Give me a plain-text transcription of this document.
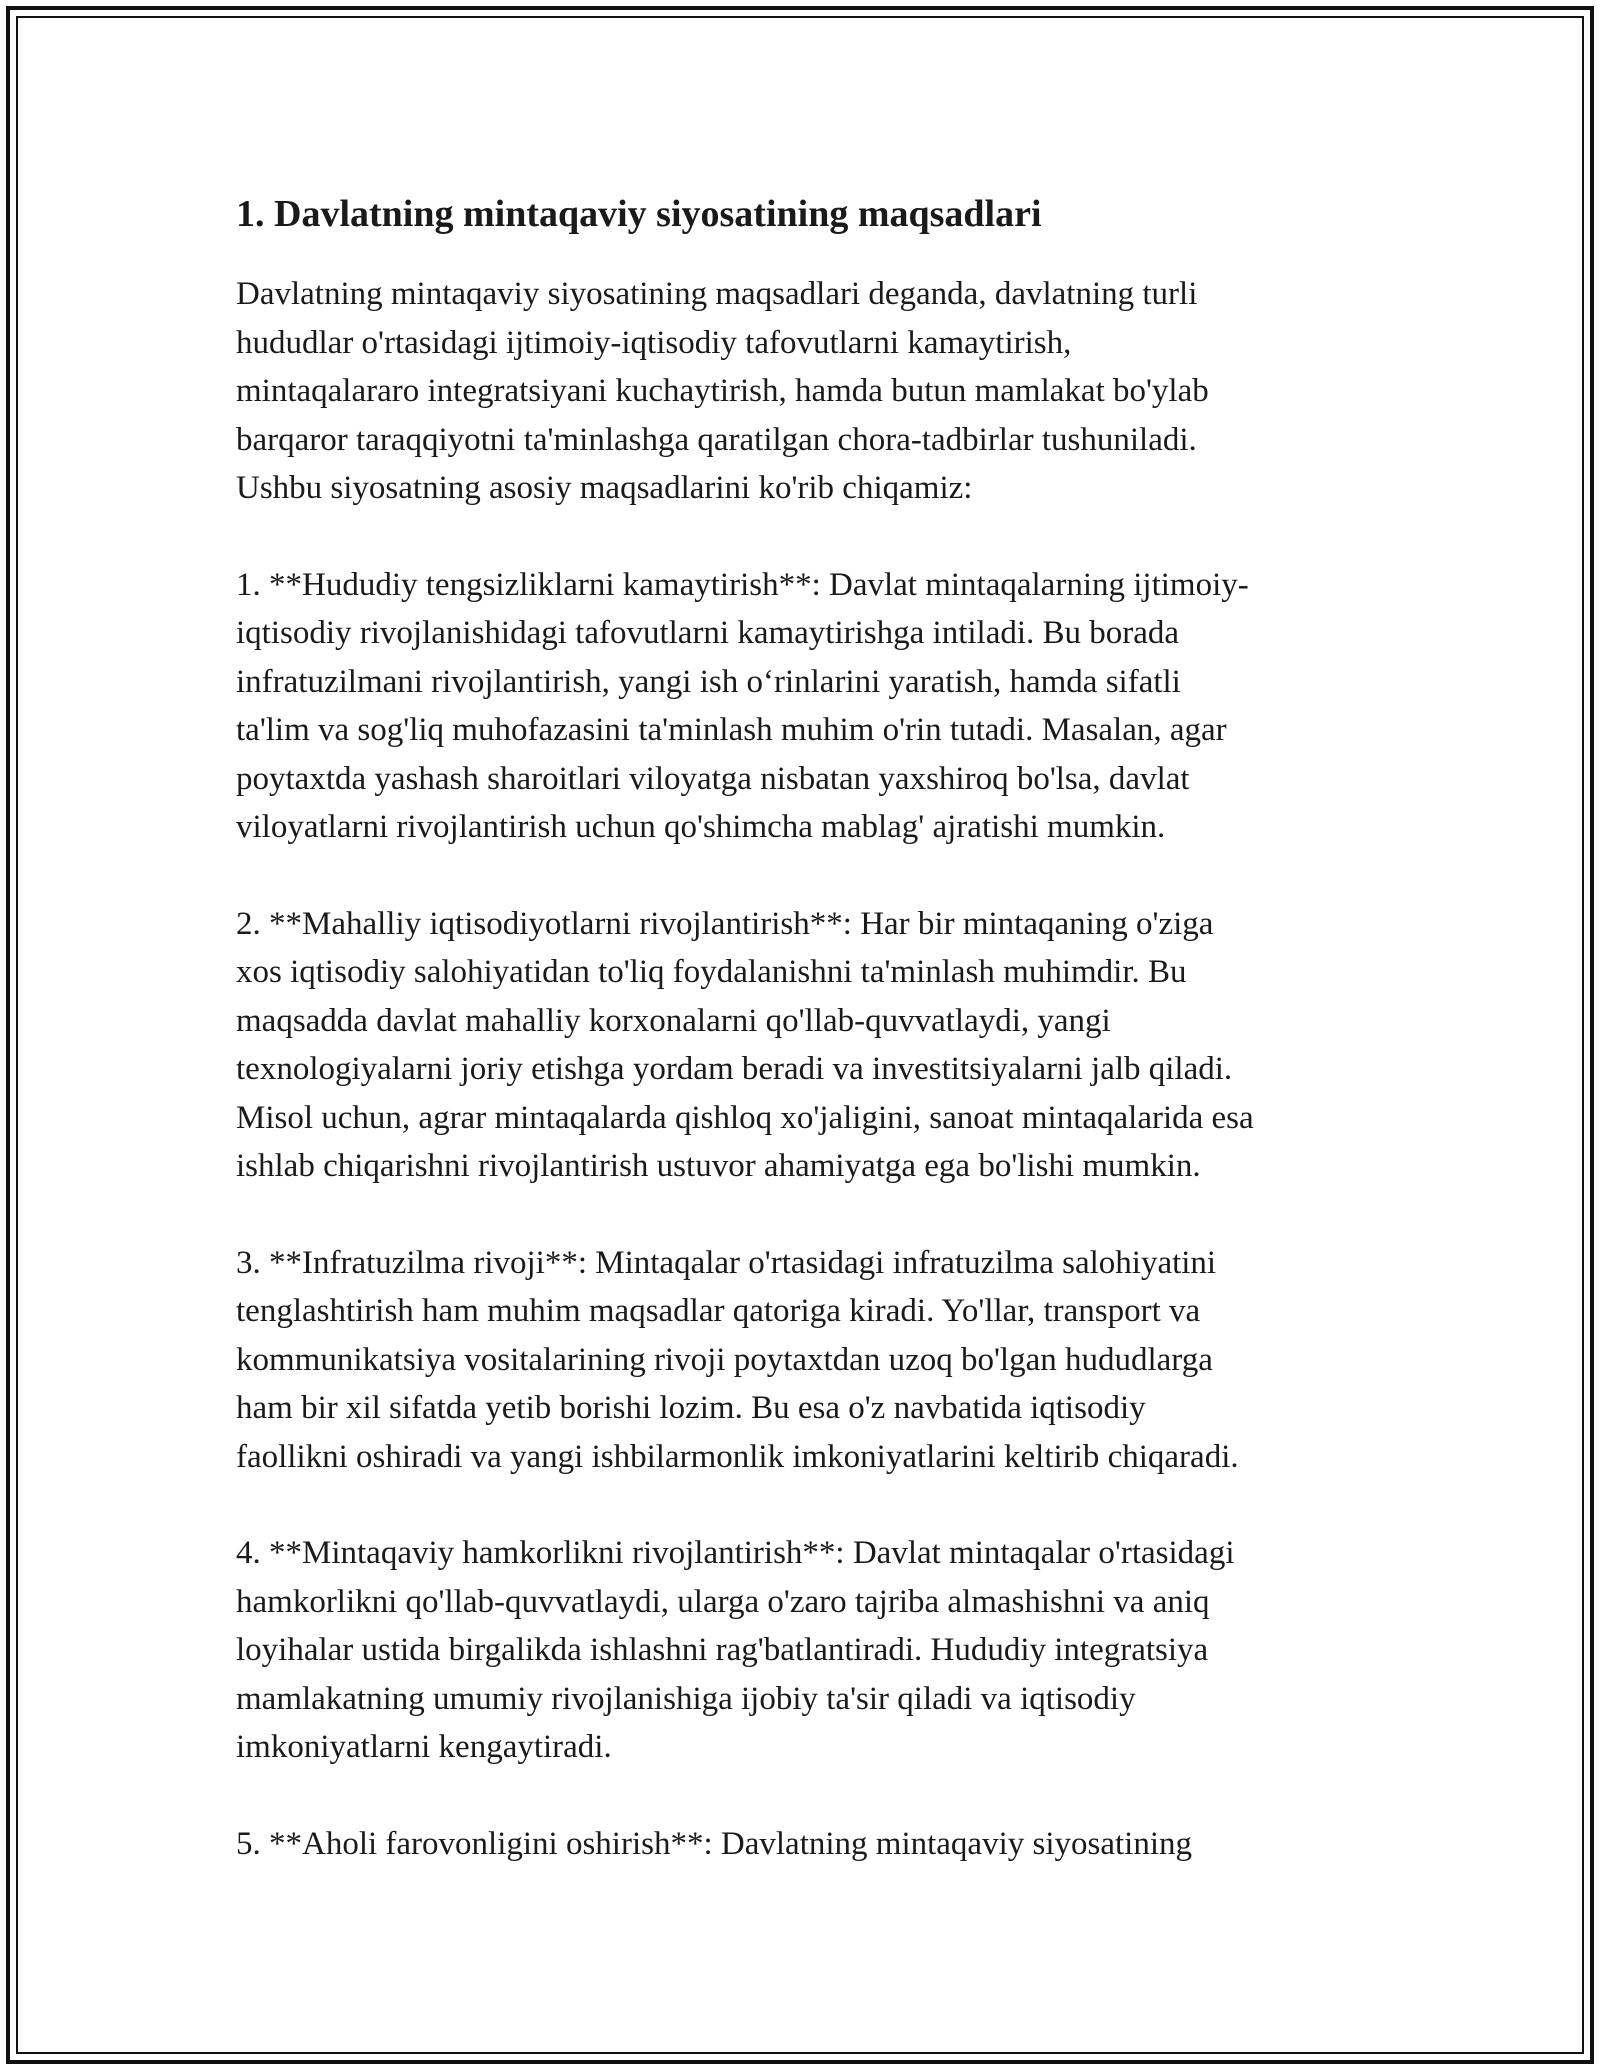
1. Davlatning mintaqaviy siyosatining maqsadlari

Davlatning mintaqaviy siyosatining maqsadlari deganda, davlatning turli
hududlar o'rtasidagi ijtimoiy-iqtisodiy tafovutlarni kamaytirish,
mintaqalararo integratsiyani kuchaytirish, hamda butun mamlakat bo'ylab
barqaror taraqqiyotni ta'minlashga qaratilgan chora-tadbirlar tushuniladi.
Ushbu siyosatning asosiy maqsadlarini ko'rib chiqamiz:

1. **Hududiy tengsizliklarni kamaytirish**: Davlat mintaqalarning ijtimoiy-
iqtisodiy rivojlanishidagi tafovutlarni kamaytirishga intiladi. Bu borada
infratuzilmani rivojlantirish, yangi ish o‘rinlarini yaratish, hamda sifatli
ta'lim va sog'liq muhofazasini ta'minlash muhim o'rin tutadi. Masalan, agar
poytaxtda yashash sharoitlari viloyatga nisbatan yaxshiroq bo'lsa, davlat
viloyatlarni rivojlantirish uchun qo'shimcha mablag' ajratishi mumkin.

2. **Mahalliy iqtisodiyotlarni rivojlantirish**: Har bir mintaqaning o'ziga
xos iqtisodiy salohiyatidan to'liq foydalanishni ta'minlash muhimdir. Bu
maqsadda davlat mahalliy korxonalarni qo'llab-quvvatlaydi, yangi
texnologiyalarni joriy etishga yordam beradi va investitsiyalarni jalb qiladi.
Misol uchun, agrar mintaqalarda qishloq xo'jaligini, sanoat mintaqalarida esa
ishlab chiqarishni rivojlantirish ustuvor ahamiyatga ega bo'lishi mumkin.

3. **Infratuzilma rivoji**: Mintaqalar o'rtasidagi infratuzilma salohiyatini
tenglashtirish ham muhim maqsadlar qatoriga kiradi. Yo'llar, transport va
kommunikatsiya vositalarining rivoji poytaxtdan uzoq bo'lgan hududlarga
ham bir xil sifatda yetib borishi lozim. Bu esa o'z navbatida iqtisodiy
faollikni oshiradi va yangi ishbilarmonlik imkoniyatlarini keltirib chiqaradi.

4. **Mintaqaviy hamkorlikni rivojlantirish**: Davlat mintaqalar o'rtasidagi
hamkorlikni qo'llab-quvvatlaydi, ularga o'zaro tajriba almashishni va aniq
loyihalar ustida birgalikda ishlashni rag'batlantiradi. Hududiy integratsiya
mamlakatning umumiy rivojlanishiga ijobiy ta'sir qiladi va iqtisodiy
imkoniyatlarni kengaytiradi.

5. **Aholi farovonligini oshirish**: Davlatning mintaqaviy siyosatining
